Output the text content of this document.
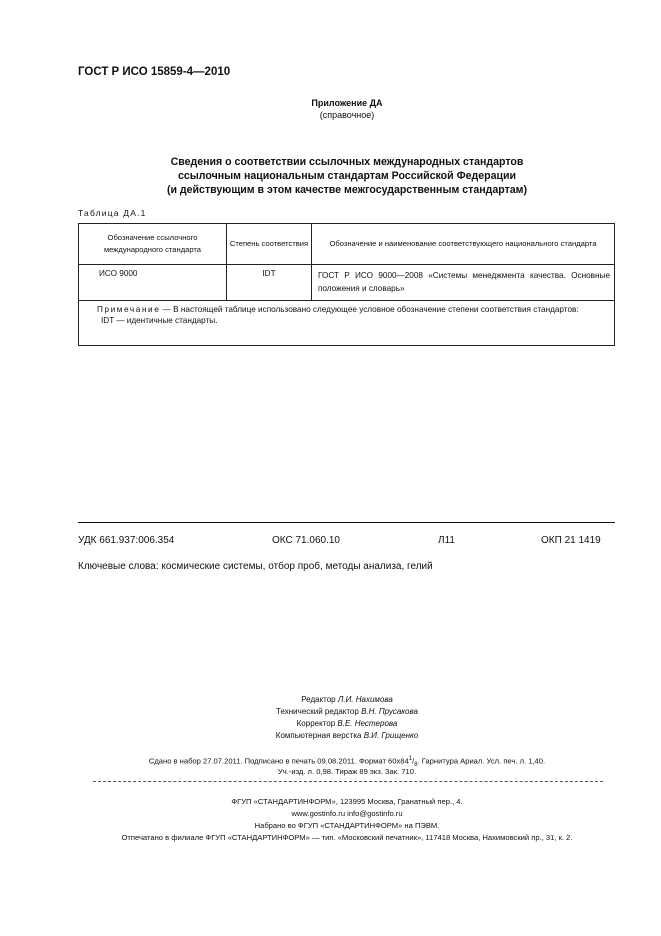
ГОСТ Р ИСО 15859-4—2010
Приложение ДА
(справочное)
Сведения о соответствии ссылочных международных стандартов
ссылочным национальным стандартам Российской Федерации
(и действующим в этом качестве межгосударственным стандартам)
Таблица ДА.1
Обозначение ссылочного международного стандарта	Степень соответствия	Обозначение и наименование соответствующего национального стандарта
ИСО 9000	IDT	ГОСТ Р ИСО 9000—2008 «Системы менеджмента качества. Основные положения и словарь»
Примечание — В настоящей таблице использовано следующее условное обозначение степени соответствия стандартов:
IDT — идентичные стандарты.		
УДК 661.937:006.354	ОКС 71.060.10	Л11	ОКП 21 1419
Ключевые слова: космические системы, отбор проб, методы анализа, гелий
Редактор Л.И. Нахимова
Технический редактор В.Н. Прусакова
Корректор В.Е. Нестерова
Компьютерная верстка В.И. Грищенко
Сдано в набор 27.07.2011. Подписано в печать 09.08.2011. Формат $60x84^1/_8$. Гарнитура Ариал. Усл. печ. л. 1,40.
Уч.-изд. л. 0,98. Тираж 89 экз. Зак. 710.
ФГУП «СТАНДАРТИНФОРМ», 123995 Москва, Гранатный пер., 4.
www.gostinfo.ru info@gostinfo.ru
Набрано во ФГУП «СТАНДАРТИНФОРМ» на ПЭВМ.
Отпечатано в филиале ФГУП «СТАНДАРТИНФОРМ» — тип. «Московский печатник», 117418 Москва, Нахимовский пр., 31, к. 2.
